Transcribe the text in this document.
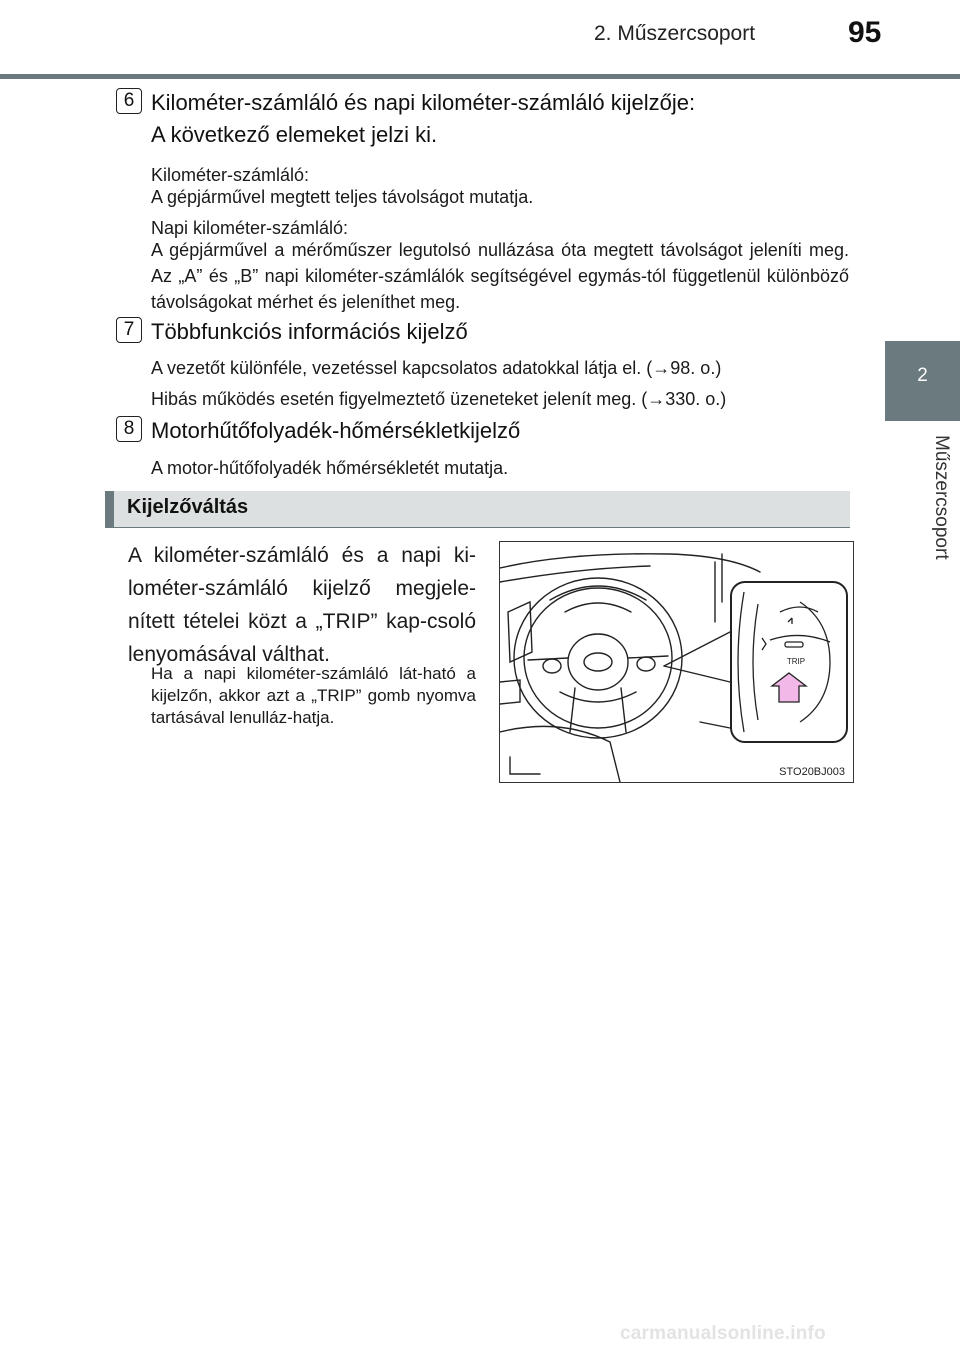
2. Műszercsoport	95
2
Műszercsoport
6 Kilométer-számláló és napi kilométer-számláló kijelzője:
A következő elemeket jelzi ki.
Kilométer-számláló:
A gépjárművel megtett teljes távolságot mutatja.
Napi kilométer-számláló:
A gépjárművel a mérőműszer legutolsó nullázása óta megtett távolságot jeleníti meg. Az „A” és „B” napi kilométer-számlálók segítségével egymás-tól függetlenül különböző távolságokat mérhet és jeleníthet meg.
7 Többfunkciós információs kijelző
A vezetőt különféle, vezetéssel kapcsolatos adatokkal látja el. (→98. o.)
Hibás működés esetén figyelmeztető üzeneteket jelenít meg. (→330. o.)
8 Motorhűtőfolyadék-hőmérsékletkijelző
A motor-hűtőfolyadék hőmérsékletét mutatja.
Kijelzőváltás
A kilométer-számláló és a napi ki-lométer-számláló kijelző megjele-nített tételei közt a „TRIP” kap-csoló lenyomásával válthat.
Ha a napi kilométer-számláló lát-ható a kijelzőn, akkor azt a „TRIP” gomb nyomva tartásával lenulláz-hatja.
TRIP
STO20BJ003
carmanualsonline.info
